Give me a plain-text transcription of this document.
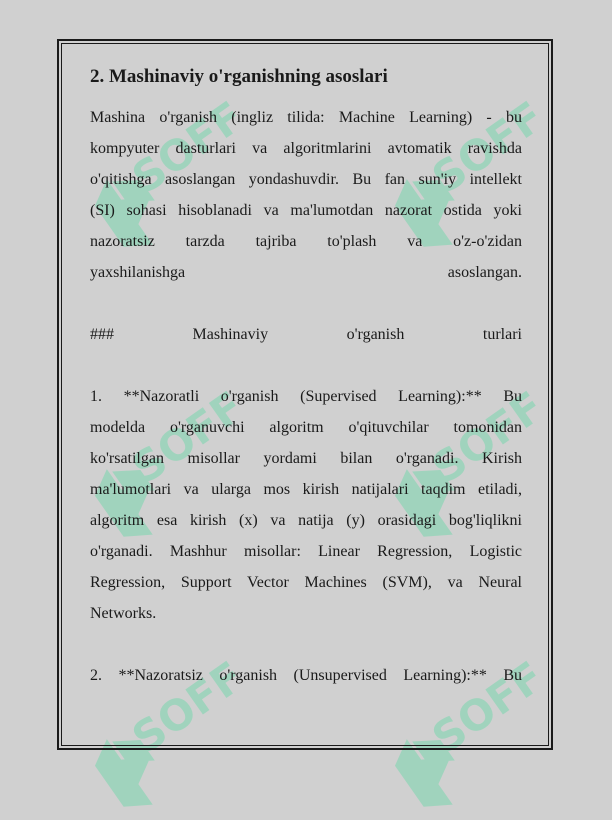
SOFF	SOFF
SOFF	SOFF
SOFF	SOFF
2. Mashinaviy o'rganishning asoslari
Mashina o'rganish (ingliz tilida: Machine Learning) - bu
kompyuter dasturlari va algoritmlarini avtomatik ravishda
o'qitishga asoslangan yondashuvdir. Bu fan sun'iy intellekt
(SI) sohasi hisoblanadi va ma'lumotdan nazorat ostida yoki
nazoratsiz tarzda tajriba to'plash va o'z-o'zidan
yaxshilanishga asoslangan.
### Mashinaviy o'rganish turlari
1. **Nazoratli o'rganish (Supervised Learning):** Bu
modelda o'rganuvchi algoritm o'qituvchilar tomonidan
ko'rsatilgan misollar yordami bilan o'rganadi. Kirish
ma'lumotlari va ularga mos kirish natijalari taqdim etiladi,
algoritm esa kirish (x) va natija (y) orasidagi bog'liqlikni
o'rganadi. Mashhur misollar: Linear Regression, Logistic
Regression, Support Vector Machines (SVM), va Neural
Networks.
2. **Nazoratsiz o'rganish (Unsupervised Learning):** Bu
